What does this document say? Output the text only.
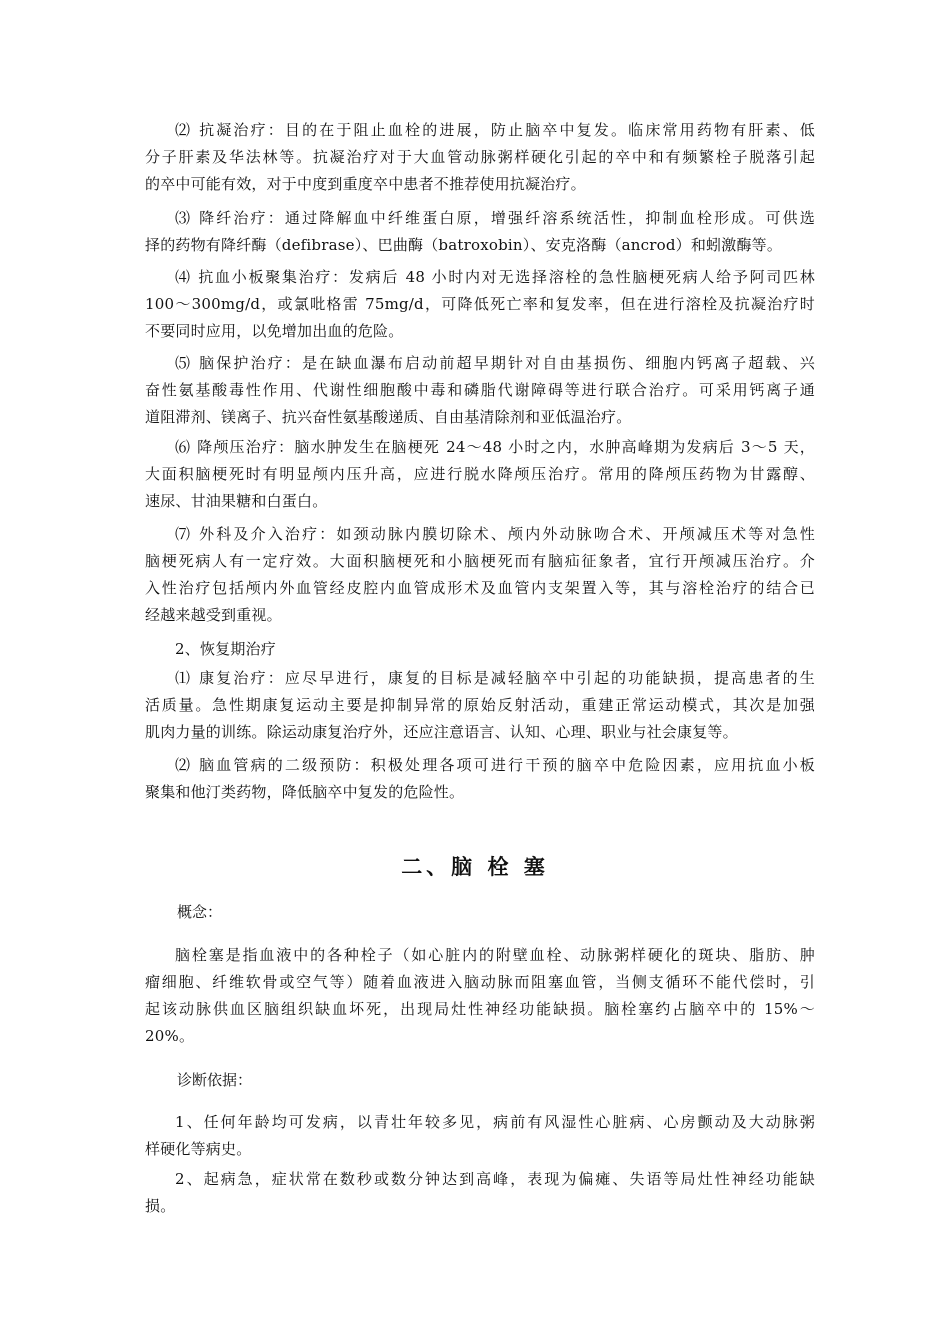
⑵ 抗凝治疗：目的在于阻止血栓的进展，防止脑卒中复发。临床常用药物有肝素、低
分子肝素及华法林等。抗凝治疗对于大血管动脉粥样硬化引起的卒中和有频繁栓子脱落引起
的卒中可能有效，对于中度到重度卒中患者不推荐使用抗凝治疗。
⑶ 降纤治疗：通过降解血中纤维蛋白原，增强纤溶系统活性，抑制血栓形成。可供选
择的药物有降纤酶（defibrase）、巴曲酶（batroxobin）、安克洛酶（ancrod）和蚓激酶等。
⑷ 抗血小板聚集治疗：发病后 48 小时内对无选择溶栓的急性脑梗死病人给予阿司匹林
100～300mg/d，或氯吡格雷 75mg/d，可降低死亡率和复发率，但在进行溶栓及抗凝治疗时
不要同时应用，以免增加出血的危险。
⑸ 脑保护治疗：是在缺血瀑布启动前超早期针对自由基损伤、细胞内钙离子超载、兴
奋性氨基酸毒性作用、代谢性细胞酸中毒和磷脂代谢障碍等进行联合治疗。可采用钙离子通
道阻滞剂、镁离子、抗兴奋性氨基酸递质、自由基清除剂和亚低温治疗。
⑹ 降颅压治疗：脑水肿发生在脑梗死 24～48 小时之内，水肿高峰期为发病后 3～5 天，
大面积脑梗死时有明显颅内压升高，应进行脱水降颅压治疗。常用的降颅压药物为甘露醇、
速尿、甘油果糖和白蛋白。
⑺ 外科及介入治疗：如颈动脉内膜切除术、颅内外动脉吻合术、开颅减压术等对急性
脑梗死病人有一定疗效。大面积脑梗死和小脑梗死而有脑疝征象者，宜行开颅减压治疗。介
入性治疗包括颅内外血管经皮腔内血管成形术及血管内支架置入等，其与溶栓治疗的结合已
经越来越受到重视。
2、恢复期治疗
⑴ 康复治疗：应尽早进行，康复的目标是减轻脑卒中引起的功能缺损，提高患者的生
活质量。急性期康复运动主要是抑制异常的原始反射活动，重建正常运动模式，其次是加强
肌肉力量的训练。除运动康复治疗外，还应注意语言、认知、心理、职业与社会康复等。
⑵ 脑血管病的二级预防：积极处理各项可进行干预的脑卒中危险因素，应用抗血小板
聚集和他汀类药物，降低脑卒中复发的危险性。
二、脑 栓 塞
概念：
脑栓塞是指血液中的各种栓子（如心脏内的附壁血栓、动脉粥样硬化的斑块、脂肪、肿
瘤细胞、纤维软骨或空气等）随着血液进入脑动脉而阻塞血管，当侧支循环不能代偿时，引
起该动脉供血区脑组织缺血坏死，出现局灶性神经功能缺损。脑栓塞约占脑卒中的 15%～
20%。
诊断依据：
1、任何年龄均可发病，以青壮年较多见，病前有风湿性心脏病、心房颤动及大动脉粥
样硬化等病史。
2、起病急，症状常在数秒或数分钟达到高峰，表现为偏瘫、失语等局灶性神经功能缺
损。
